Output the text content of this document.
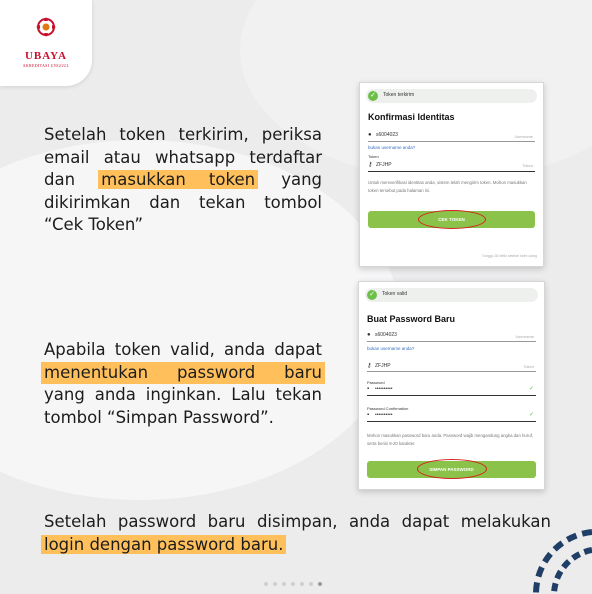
UBAYA
AKREDITASI UNGGUL
Setelah token terkirim, periksa
email atau whatsapp terdaftar
dan masukkan token yang
dikirimkan dan tekan tombol
“Cek Token”
Apabila token valid, anda dapat
menentukan password baru
yang anda inginkan. Lalu tekan
tombol “Simpan Password”.
Setelah password baru disimpan, anda dapat melakukan
login dengan password baru.
✓	Token terkirim
Konfirmasi Identitas
● s6004023	Username
bukan username anda?
Token
⚷ ZFJHP	Token
Untuk memverifikasi identitas anda, sistem telah mengirim token. Mohon masukkan token tersebut pada halaman ini.
CEK TOKEN
Tunggu 30 detik setelah kirim ulang
✓	Token valid
Buat Password Baru
● s6004023	Username
bukan username anda?
⚷ ZFJHP	Token
Password
▪ ••••••••••	✓
Password Confirmation
▪ ••••••••••	✓
Mohon masukkan password baru anda. Password wajib mengandung angka dan huruf, serta berisi 8-20 karakter.
SIMPAN PASSWORD
